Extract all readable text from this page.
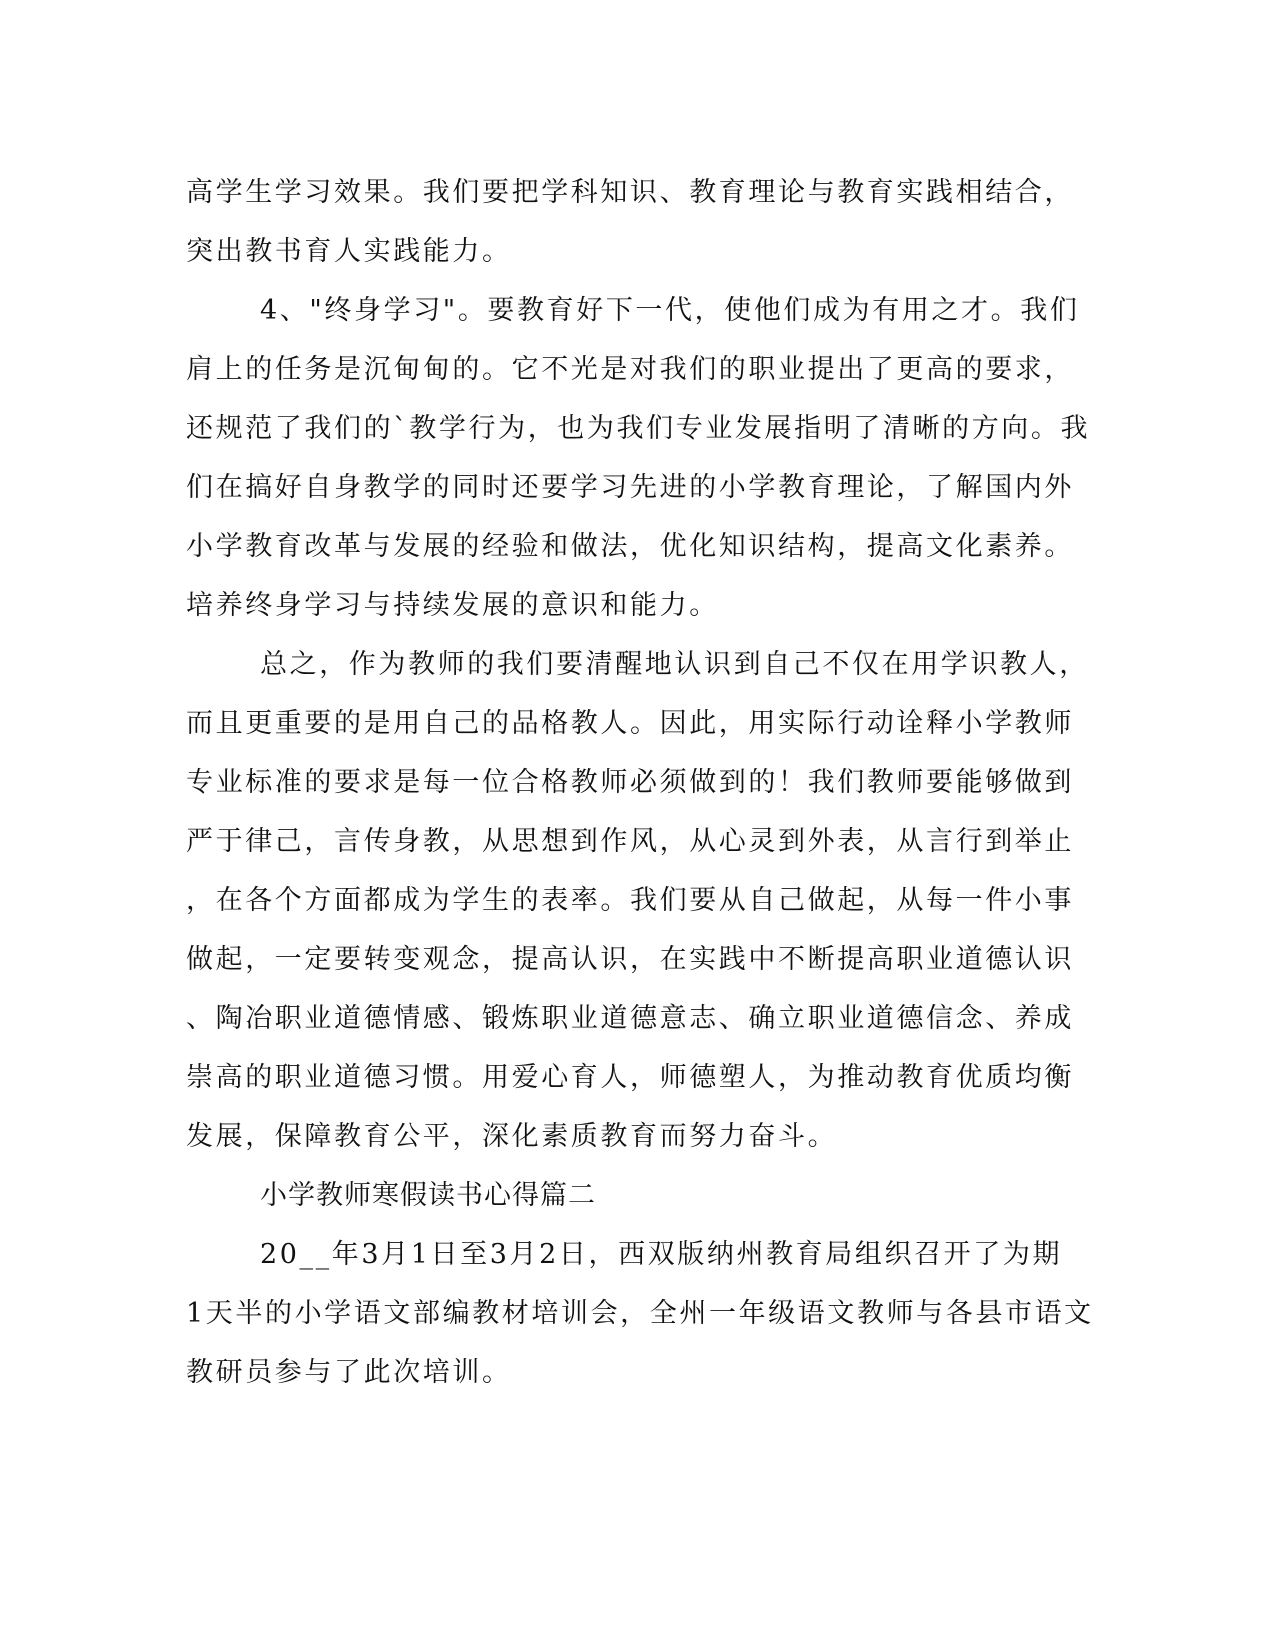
高学生学习效果。我们要把学科知识、教育理论与教育实践相结合，
突出教书育人实践能力。
4、"终身学习"。要教育好下一代，使他们成为有用之才。我们
肩上的任务是沉甸甸的。它不光是对我们的职业提出了更高的要求，
还规范了我们的`教学行为，也为我们专业发展指明了清晰的方向。我
们在搞好自身教学的同时还要学习先进的小学教育理论，了解国内外
小学教育改革与发展的经验和做法，优化知识结构，提高文化素养。
培养终身学习与持续发展的意识和能力。
总之，作为教师的我们要清醒地认识到自己不仅在用学识教人，
而且更重要的是用自己的品格教人。因此，用实际行动诠释小学教师
专业标准的要求是每一位合格教师必须做到的！我们教师要能够做到
严于律己，言传身教，从思想到作风，从心灵到外表，从言行到举止
，在各个方面都成为学生的表率。我们要从自己做起，从每一件小事
做起，一定要转变观念，提高认识，在实践中不断提高职业道德认识
、陶冶职业道德情感、锻炼职业道德意志、确立职业道德信念、养成
崇高的职业道德习惯。用爱心育人，师德塑人，为推动教育优质均衡
发展，保障教育公平，深化素质教育而努力奋斗。
小学教师寒假读书心得篇二
20__年3月1日至3月2日，西双版纳州教育局组织召开了为期
1天半的小学语文部编教材培训会，全州一年级语文教师与各县市语文
教研员参与了此次培训。
